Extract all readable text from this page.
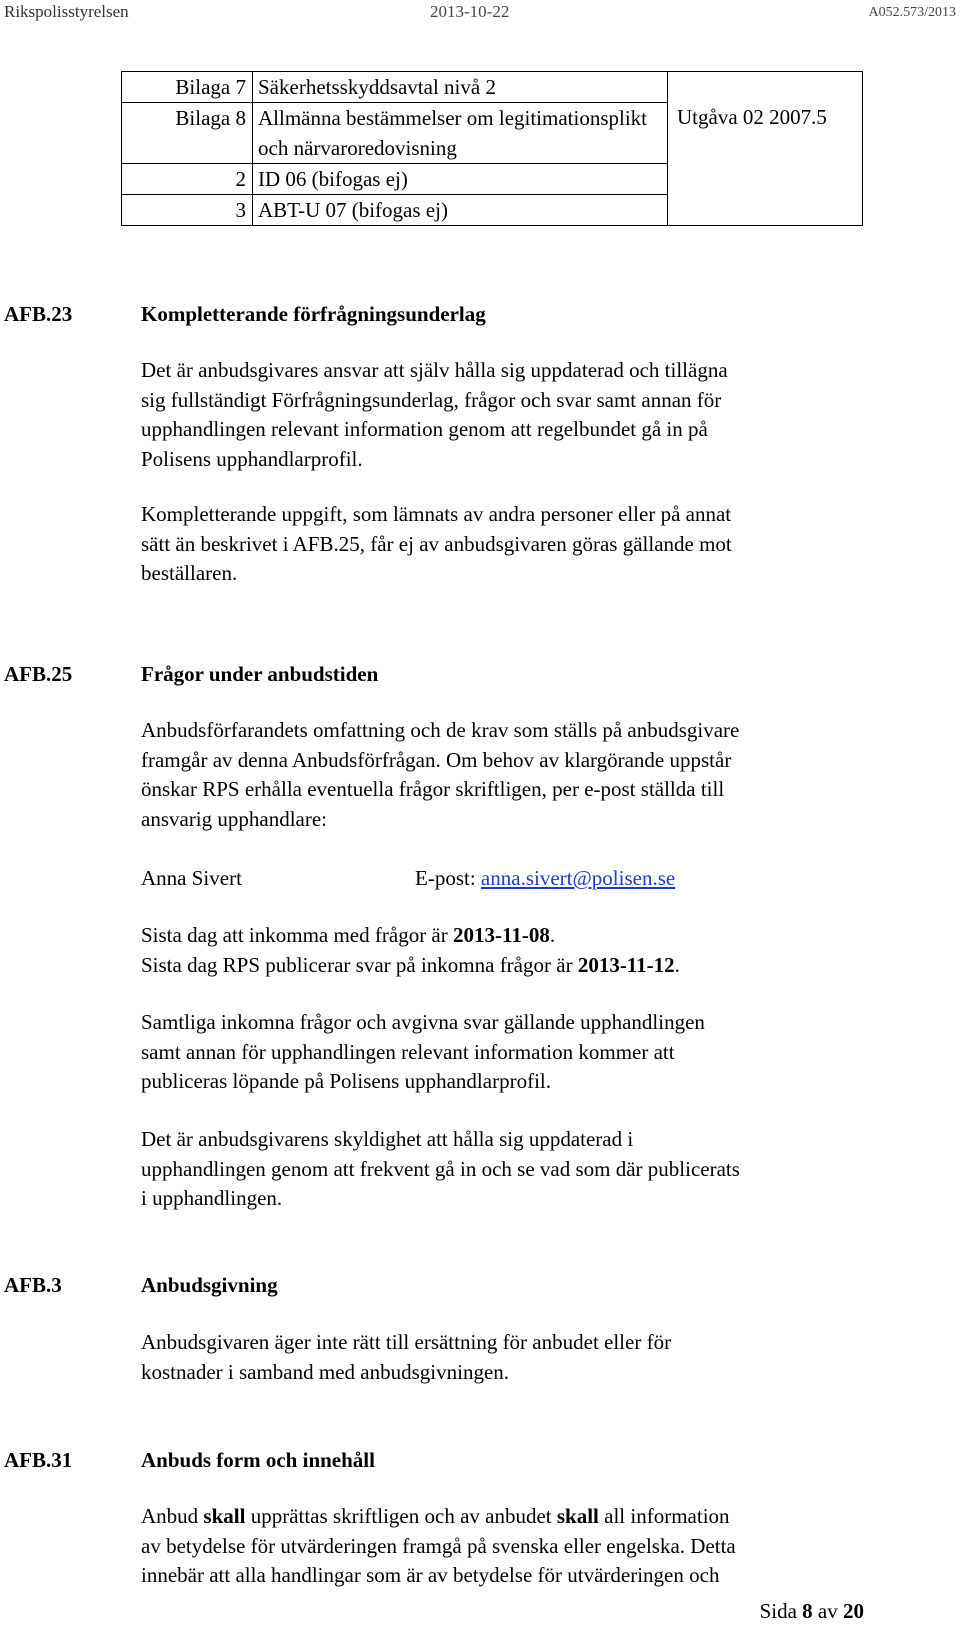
Rikspolisstyrelsen	2013-10-22	A052.573/2013
Bilaga 7	Säkerhetsskyddsavtal nivå 2	Utgåva 02 2007.5
Bilaga 8	Allmänna bestämmelser om legitimationsplikt och närvaroredovisning	
2	ID 06 (bifogas ej)	
3	ABT-U 07 (bifogas ej)	
AFB.23	Kompletterande förfrågningsunderlag

Det är anbudsgivares ansvar att själv hålla sig uppdaterad och tillägna
sig fullständigt Förfrågningsunderlag, frågor och svar samt annan för
upphandlingen relevant information genom att regelbundet gå in på
Polisens upphandlarprofil.

Kompletterande uppgift, som lämnats av andra personer eller på annat
sätt än beskrivet i AFB.25, får ej av anbudsgivaren göras gällande mot
beställaren.

AFB.25	Frågor under anbudstiden

Anbudsförfarandets omfattning och de krav som ställs på anbudsgivare
framgår av denna Anbudsförfrågan. Om behov av klargörande uppstår
önskar RPS erhålla eventuella frågor skriftligen, per e-post ställda till
ansvarig upphandlare:

Anna Sivert	E-post: anna.sivert@polisen.se

Sista dag att inkomma med frågor är 2013-11-08.
Sista dag RPS publicerar svar på inkomna frågor är 2013-11-12.

Samtliga inkomna frågor och avgivna svar gällande upphandlingen
samt annan för upphandlingen relevant information kommer att
publiceras löpande på Polisens upphandlarprofil.

Det är anbudsgivarens skyldighet att hålla sig uppdaterad i
upphandlingen genom att frekvent gå in och se vad som där publicerats
i upphandlingen.

AFB.3	Anbudsgivning

Anbudsgivaren äger inte rätt till ersättning för anbudet eller för
kostnader i samband med anbudsgivningen.

AFB.31	Anbuds form och innehåll

Anbud skall upprättas skriftligen och av anbudet skall all information
av betydelse för utvärderingen framgå på svenska eller engelska. Detta
innebär att alla handlingar som är av betydelse för utvärderingen och

Sida 8 av 20
